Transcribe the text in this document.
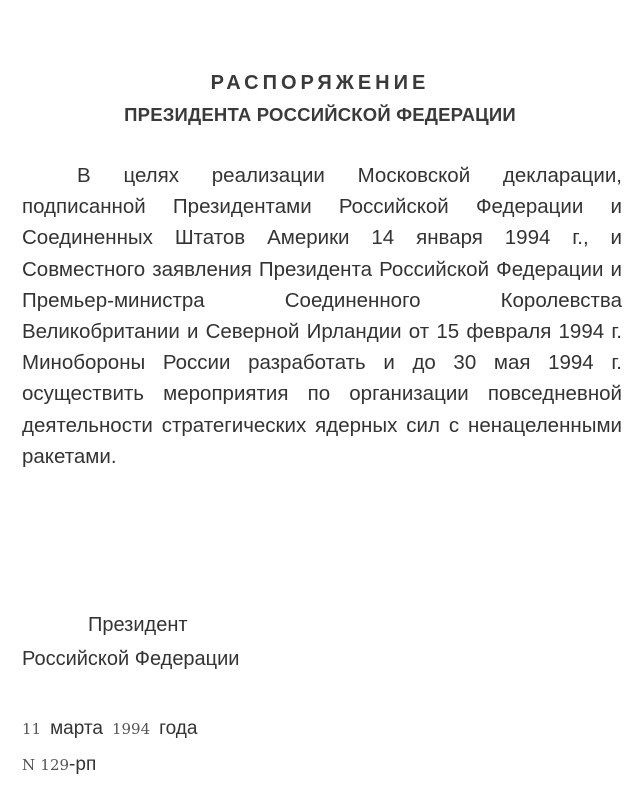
РАСПОРЯЖЕНИЕ
ПРЕЗИДЕНТА РОССИЙСКОЙ ФЕДЕРАЦИИ
В целях реализации Московской декларации, подписанной Президентами Российской Федерации и Соединенных Штатов Америки 14 января 1994 г., и Совместного заявления Президента Российской Федерации и Премьер-министра Соединенного Королевства Великобритании и Северной Ирландии от 15 февраля 1994 г. Минобороны России разработать и до 30 мая 1994 г. осуществить мероприятия по организации повседневной деятельности стратегических ядерных сил с ненацеленными ракетами.
Президент
Российской Федерации
11 марта 1994 года
N 129-рп
